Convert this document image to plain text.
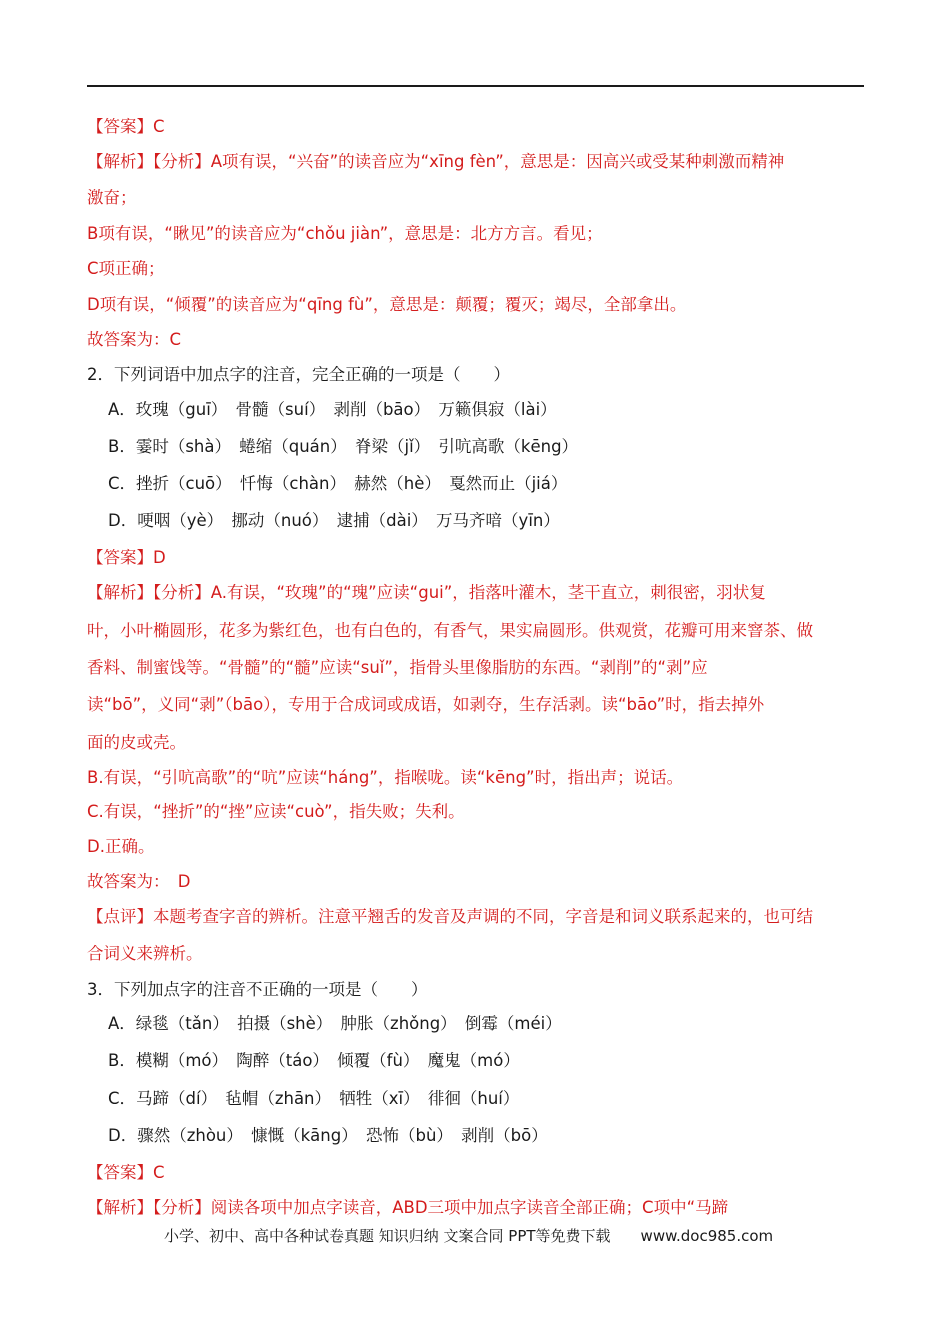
【答案】C
【解析】【分析】A项有误，“兴奋”的读音应为“xīng fèn”，意思是：因高兴或受某种刺激而精神
激奋；
B项有误，“瞅见”的读音应为“chǒu jiàn”，意思是：北方方言。看见；
C项正确；
D项有误，“倾覆”的读音应为“qīng fù”，意思是：颠覆；覆灭；竭尽，全部拿出。
故答案为：C
2．下列词语中加点字的注音，完全正确的一项是（　　）
A．玫瑰（guī）　骨髓（suí）　剥削（bāo）　万籁俱寂（lài）
B．霎时（shà）　蜷缩（quán）　脊梁（jǐ）　引吭高歌（kēng）
C．挫折（cuō）　忏悔（chàn）　赫然（hè）　戛然而止（jiá）
D．哽咽（yè）　挪动（nuó）　逮捕（dài）　万马齐喑（yīn）
【答案】D
【解析】【分析】A.有误，“玫瑰”的“瑰”应读“gui”，指落叶灌木，茎干直立，刺很密，羽状复
叶，小叶椭圆形，花多为紫红色，也有白色的，有香气，果实扁圆形。供观赏，花瓣可用来窨茶、做
香料、制蜜饯等。“骨髓”的“髓”应读“suǐ”，指骨头里像脂肪的东西。“剥削”的“剥”应
读“bō”，义同“剥”（bāo），专用于合成词或成语，如剥夺，生存活剥。读“bāo”时，指去掉外
面的皮或壳。
B.有误，“引吭高歌”的“吭”应读“háng”，指喉咙。读“kēng”时，指出声；说话。
C.有误，“挫折”的“挫”应读“cuò”，指失败；失利。
D.正确。
故答案为：　D
【点评】本题考查字音的辨析。注意平翘舌的发音及声调的不同，字音是和词义联系起来的，也可结
合词义来辨析。
3．下列加点字的注音不正确的一项是（　　）
A．绿毯（tǎn）　拍摄（shè）　肿胀（zhǒng）　倒霉（méi）
B．模糊（mó）　陶醉（táo）　倾覆（fù）　魔鬼（mó）
C．马蹄（dí）　毡帽（zhān）　牺牲（xī）　徘徊（huí）
D．骤然（zhòu）　慷慨（kāng）　恐怖（bù）　剥削（bō）
【答案】C
【解析】【分析】阅读各项中加点字读音，ABD三项中加点字读音全部正确；C项中“马蹄
小学、初中、高中各种试卷真题 知识归纳 文案合同 PPT等免费下载　　www.doc985.com
